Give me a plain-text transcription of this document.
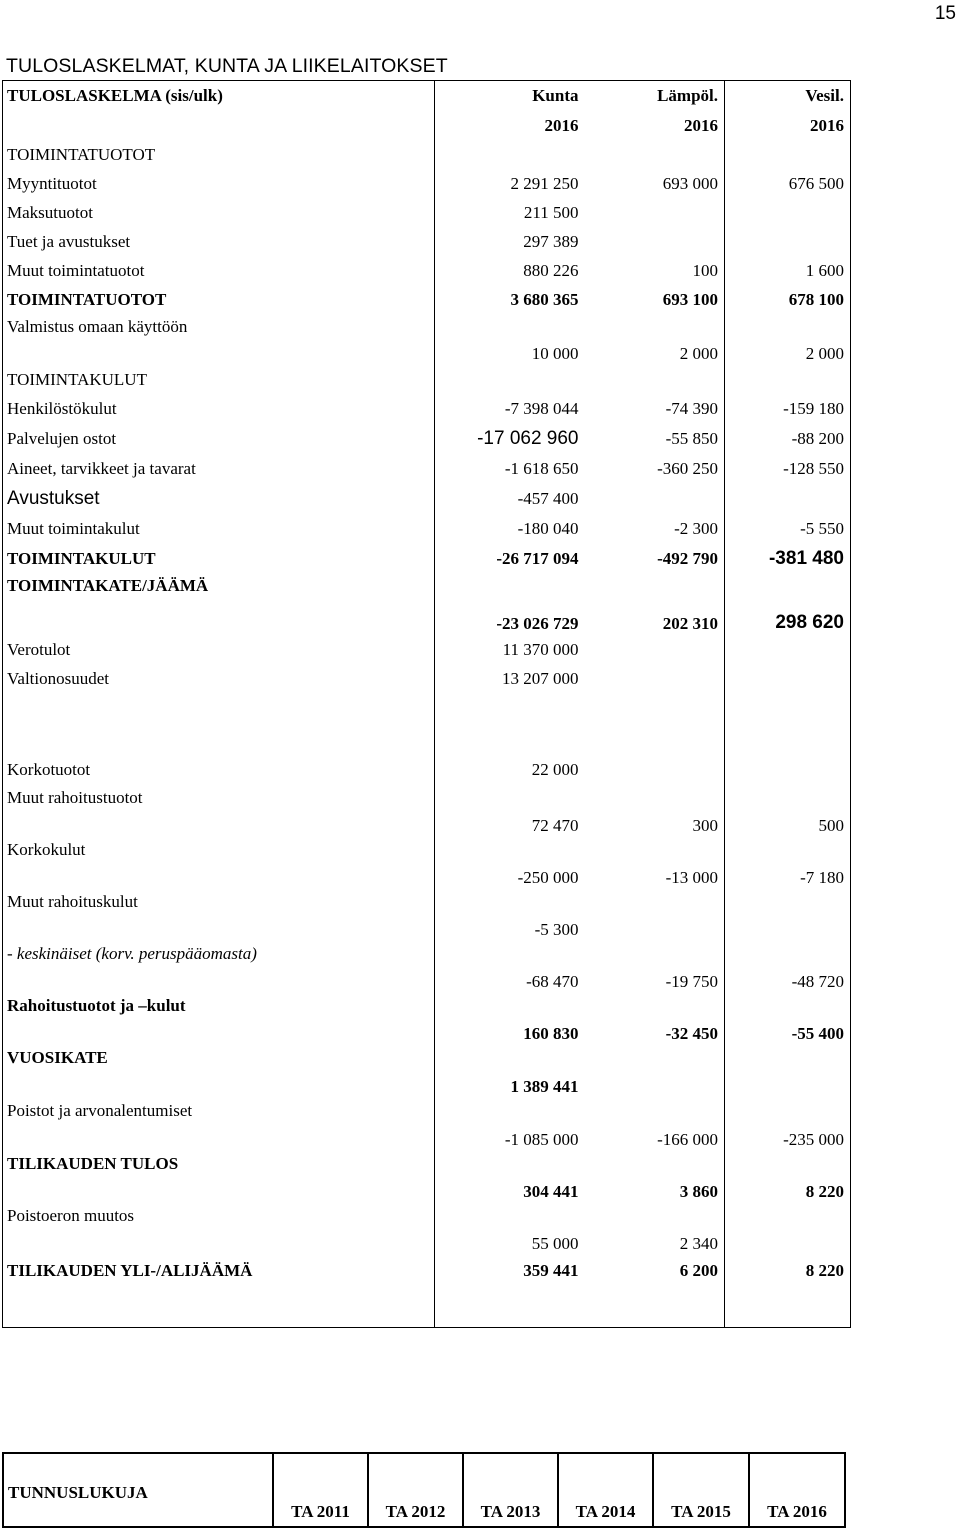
15
TULOSLASKELMAT, KUNTA JA LIIKELAITOKSET
TULOSLASKELMA (sis/ulk)	Kunta	Lämpöl.	Vesil.
	2016	2016	2016
TOIMINTATUOTOT			
Myyntituotot	2 291 250	693 000	676 500
Maksutuotot	211 500		
Tuet ja avustukset	297 389		
Muut toimintatuotot	880 226	100	1 600
TOIMINTATUOTOT	3 680 365	693 100	678 100
Valmistus omaan käyttöön	10 000	2 000	2 000
TOIMINTAKULUT			
Henkilöstökulut	-7 398 044	-74 390	-159 180
Palvelujen ostot	-17 062 960	-55 850	-88 200
Aineet, tarvikkeet ja tavarat	-1 618 650	-360 250	-128 550
Avustukset	-457 400		
Muut toimintakulut	-180 040	-2 300	-5 550
TOIMINTAKULUT	-26 717 094	-492 790	-381 480
TOIMINTAKATE/JÄÄMÄ	-23 026 729	202 310	298 620
Verotulot	11 370 000		
Valtionosuudet	13 207 000		

Korkotuotot	22 000		
Muut rahoitustuotot	72 470	300	500
Korkokulut	-250 000	-13 000	-7 180
Muut rahoituskulut	-5 300		
- keskinäiset (korv. peruspääomasta)	-68 470	-19 750	-48 720
Rahoitustuotot ja –kulut	160 830	-32 450	-55 400
VUOSIKATE	1 389 441		
Poistot ja arvonalentumiset	-1 085 000	-166 000	-235 000
TILIKAUDEN TULOS	304 441	3 860	8 220
Poistoeron muutos	55 000	2 340	
TILIKAUDEN YLI-/ALIJÄÄMÄ	359 441	6 200	8 220

TUNNUSLUKUJA	TA 2011	TA 2012	TA 2013	TA 2014	TA 2015	TA 2016
